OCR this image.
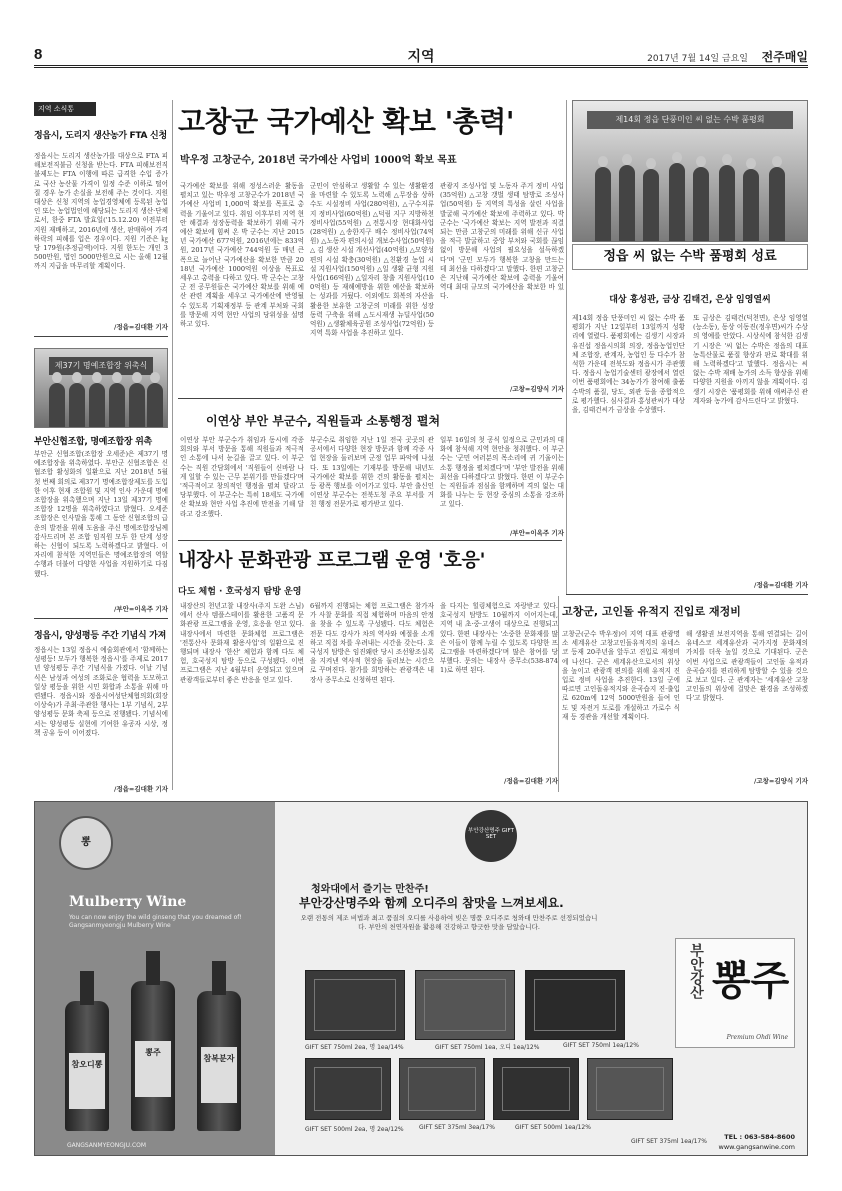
8	지역	2017년 7월 14일 금요일 전주매일
지역 소식통
정읍시, 도리지 생산농가 FTA 신청
정읍시는 도리지 생산농가를 대상으로 FTA 피해보전직불금 신청을 받는다. FTA 피해보전직불제도는 FTA 이행에 따른 급격한 수입 증가로 국산 농산물 가격이 일정 수준 이하로 떨어질 경우 농가 손실을 보전해 주는 것이다. 지원 대상은 신청 지역의 농업경영체에 등록된 농업인 또는 농업법인에 해당되는 도리지 생산·단체로서, 한중 FTA 발효일('15.12.20) 이전부터 지원 재배하고, 2016년에 생산, 판매하여 가격하락의 피해를 입은 경우이다. 지원 기준은 ㎏당 179원(추정금액)이다. 지원 한도는 개인 3500만원, 법인 5000만원으로 시는 올해 12월까지 지급을 마무리할 계획이다.
/정읍=김대환 기자
제37기 명예조합장 위촉식
부안신협조합, 명예조합장 위촉
부안군 신협조합(조합장 오세준)은 제37기 명예조합장을 위촉하였다. 부안군 신협조합은 신협조합 활성화의 일환으로 지난 2018년 5월 첫 번째 회의로 제37기 명예조합장제도를 도입한 이후 현재 조합원 및 지역 인사 가운데 명예조합장을 위촉했으며 지난 13일 제37기 명예조합장 12명을 위촉하였다고 밝혔다. 오세준 조합장은 인사말을 통해 그 동안 신협조합의 급운의 발전을 위해 도움을 주신 명예조합장님께 감사드리며 본 조합 임직원 모두 한 단계 성장하는 신협이 되도록 노력하겠다고 밝혔다. 이 자리에 참석한 지역민들은 명예조합장의 역할 수행과 더불어 다양한 사업을 지원하기로 다짐했다.
/부안=이옥주 기자
정읍시, 양성평등 주간 기념식 가져
정읍시는 13일 정읍시 예술회관에서 '함께하는 성평등! 모두가 행복한 정읍시'를 주제로 2017년 양성평등 주간 기념식을 가졌다. 이날 기념식은 남성과 여성의 조화로운 협력을 도모하고 일상 평등을 위한 시민 화합과 소통을 위해 마련됐다. 정읍시와 정읍시여성단체협의회(회장 이상숙)가 주최·주관한 행사는 1부 기념식, 2부 양성평등 문화 축제 등으로 진행됐다. 기념식에서는 양성평등 실현에 기여한 유공자 시상, 정책 공유 등이 이어졌다.
/정읍=김대환 기자
고창군 국가예산 확보 '총력'
박우정 고창군수, 2018년 국가예산 사업비 1000억 확보 목표
국가예산 확보를 위해 정성스러운 활동을 펼치고 있는 박우정 고창군수가 2018년 국가예산 사업비 1,000억 확보를 목표로 총력을 기울이고 있다. 취임 이후부터 지역 현안 해결과 성장동력을 확보하기 위해 국가예산 확보에 힘써 온 박 군수는 지난 2015년 국가예산 677억원, 2016년에는 833억원, 2017년 국가예산 744억원 등 매년 큰 폭으로 늘어난 국가예산을 확보한 만큼 2018년 국가예산 1000억원 이상을 목표로 세우고 총력을 다하고 있다. 박 군수는 고창군 전 공무원들은 국가예산 확보를 위해 예산 관련 계획을 세우고 국가예산에 반영될 수 있도록 기획재정부 등 관계 부처와 국회를 방문해 지역 현안 사업의 당위성을 설명하고 있다.
군민이 안심하고 생활할 수 있는 생활환경을 마련할 수 있도록 노력해 △무장읍 상하수도 시설정비 사업(280억원), △구수저류지 정비사업(60억원) △덕림 지구 지방하천 정비사업(55억원) △전통시장 현대화사업(28억원) △송한지구 배수 정비사업(74억원) △노동자 편의시설 개보수사업(50억원) △ 김 생산 시설 개선사업(40억원) △모양성 편의 시설 확충(30억원) △친환경 농업 시설 지원사업(150억원) △일 생활 균형 지원 사업(166억원) △일자리 창출 지원사업(100억원) 등 재해예방을 위한 예산을 확보하는 성과를 거뒀다. 이외에도 회복의 자산을 활용한 보유한 고창군의 미래를 위한 성장동력 구축을 위해 △도시재생 뉴딜사업(50억원) △생활체육공원 조성사업(72억원) 등 지역 특화 사업을 추진하고 있다.
관광지 조성사업 및 노동자 주거 정비 사업(35억원) △고창 갯벌 생태 탐방로 조성사업(50억원) 등 지역의 특성을 살린 사업을 발굴해 국가예산 확보에 주력하고 있다. 박 군수는 '국가예산 확보는 지역 발전과 직결되는 만큼 고창군의 미래를 위해 신규 사업을 적극 발굴하고 중앙 부처와 국회를 끊임없이 방문해 사업의 필요성을 설득하겠다'며 '군민 모두가 행복한 고창을 만드는 데 최선을 다하겠다'고 말했다. 한편 고창군은 지난해 국가예산 확보에 총력을 기울여 역대 최대 규모의 국가예산을 확보한 바 있다.
/고창=김양식 기자
제14회 정읍 단풍미인 씨 없는 수박 품평회
정읍 씨 없는 수박 품평회 성료
대상 홍성관, 금상 김태건, 은상 임영열씨
제14회 정읍 단풍미인 씨 없는 수박 품평회가 지난 12일부터 13일까지 성황리에 열렸다. 품평회에는 김생기 시장과 유진섭 정읍시의회 의장, 정읍농업인단체 조합장, 관계자, 농업인 등 다수가 참석한 가운데 전북도와 정읍시가 주관했다. 정읍시 농업기술센터 광장에서 열린 이번 품평회에는 34농가가 참여해 출품 수박의 품질, 당도, 외관 등을 종합적으로 평가했다. 심사결과 홍성관씨가 대상을, 김태건씨가 금상을 수상했다.
또 금상은 김태건(덕천면), 은상 임영열(능소동), 동상 이동진(정우면)씨가 수상의 영예를 안았다. 시상식에 참석한 김생기 시장은 '씨 없는 수박은 정읍의 대표 농특산물로 품질 향상과 판로 확대를 위해 노력하겠다'고 말했다. 정읍시는 씨 없는 수박 재배 농가의 소득 향상을 위해 다양한 지원을 아끼지 않을 계획이다. 김생기 시장은 '품평회를 위해 애써주신 관계자와 농가에 감사드린다'고 밝혔다.
/정읍=김대환 기자
이연상 부안 부군수, 직원들과 소통행정 펼쳐
이연상 부안 부군수가 취임과 동시에 각종 회의와 부서 방문을 통해 직원들과 적극적인 소통에 나서 눈길을 끌고 있다. 이 부군수는 직원 간담회에서 '직원들이 신바람 나게 일할 수 있는 근무 분위기를 만들겠다'며 '적극적이고 창의적인 행정을 펼쳐 달라'고 당부했다. 이 부군수는 특히 18세도 국가예산 확보와 현안 사업 추진에 만전을 기해 달라고 강조했다.
부군수로 취임한 지난 1일 전국 곳곳의 관공서에서 다양한 현장 방문과 함께 각종 사업 현장을 둘러보며 군정 업무 파악에 나섰다. 또 13일에는 기재부를 방문해 내년도 국가예산 확보를 위한 건의 활동을 펼치는 등 광폭 행보를 이어가고 있다. 부안 출신인 이연상 부군수는 전북도청 주요 부서를 거친 행정 전문가로 평가받고 있다.
일부 16일의 첫 공식 일정으로 군민과의 대화에 참석해 지역 현안을 청취했다. 이 부군수는 '군민 여러분의 목소리에 귀 기울이는 소통 행정을 펼치겠다'며 '부안 발전을 위해 최선을 다하겠다'고 밝혔다. 한편 이 부군수는 직원들과 점심을 함께하며 격의 없는 대화를 나누는 등 현장 중심의 소통을 강조하고 있다.
/부안=이옥주 기자
내장사 문화관광 프로그램 운영 '호응'
다도 체험 · 호국성지 탐방 운영
내장산의 천년고찰 내장사(주지 도완 스님)에서 산사 템플스테이를 활용한 고품격 문화관광 프로그램을 운영, 호응을 얻고 있다. 내장사에서 마련한 문화체험 프로그램은 '전통산사 문화재 활용사업'의 일환으로 진행되며 내장사 '한산' 체험과 함께 다도 체험, 호국성지 탐방 등으로 구성됐다. 이번 프로그램은 지난 4월부터 운영되고 있으며 관광객들로부터 좋은 반응을 얻고 있다.
6월까지 진행되는 체험 프로그램은 참가자가 사찰 문화를 직접 체험하며 마음의 안정을 찾을 수 있도록 구성됐다. 다도 체험은 전문 다도 강사가 차의 역사와 예절을 소개하고 직접 차를 우려내는 시간을 갖는다. 호국성지 탐방은 임진왜란 당시 조선왕조실록을 지켜낸 역사적 현장을 둘러보는 시간으로 꾸며진다. 참가를 희망하는 관광객은 내장사 종무소로 신청하면 된다.
을 다지는 힐링체험으로 자랑받고 있다. 호국성지 탐방도 10월까지 이어지는데, 지역 내 초·중·고생이 대상으로 진행되고 있다. 한편 내장사는 '소중한 문화재를 많은 이들이 함께 누릴 수 있도록 다양한 프로그램을 마련하겠다'며 많은 참여를 당부했다. 문의는 내장사 종무소(538-8741)로 하면 된다.
/정읍=김대환 기자
고창군, 고인돌 유적지 진입로 재정비
고창군(군수 박우정)이 지역 대표 관광명소 세계유산 고창고인돌유적지의 유네스코 등재 20주년을 앞두고 진입로 재정비에 나선다. 군은 세계유산으로서의 위상을 높이고 관광객 편의를 위해 유적지 진입로 정비 사업을 추진한다. 13일 군에 따르면 고인돌유적지와 운곡습지 진·출입로 620m에 12억 5000만원을 들여 인도 및 자전거 도로를 개설하고 가로수 식재 등 경관을 개선할 계획이다.
해 생활권 보전지역을 통해 연결되는 길이 유네스코 세계유산과 국가지정 문화재의 가치를 더욱 높일 것으로 기대된다. 군은 이번 사업으로 관광객들이 고인돌 유적과 운곡습지를 편리하게 탐방할 수 있을 것으로 보고 있다. 군 관계자는 '세계유산 고창 고인돌의 위상에 걸맞은 환경을 조성하겠다'고 밝혔다.
/고창=김양식 기자
뽕
Mulberry Wine
You can now enjoy the wild ginseng that you dreamed of! Gangsanmyeongju Mulberry Wine
참오디뽕
뽕주
참복분자
GANGSANMYEONGJU.COM
부안강산명주 GIFT SET
청와대에서 즐기는 만찬주!
부안강산명주와 함께 오디주의 참맛을 느껴보세요.
오랜 전통의 제조 비법과 최고 품질의 오디를 사용하여 빚은 명품 오디주로 청와대 만찬주로 선정되었습니다. 부안의 천연자원을 활용해 건강하고 향긋한 맛을 담았습니다.
GIFT SET 750ml 2ea, 명 1ea/14%	GIFT SET 750ml 1ea, 오디 1ea/12%	GIFT SET 750ml 1ea/12%
GIFT SET 500ml 2ea, 명 2ea/12%	GIFT SET 375ml 3ea/17%	GIFT SET 500ml 1ea/12%
GIFT SET 375ml 1ea/17%
부안강산 뽕주
Premium Ohdi Wine
TEL : 063-584-8600
www.gangsanwine.com
